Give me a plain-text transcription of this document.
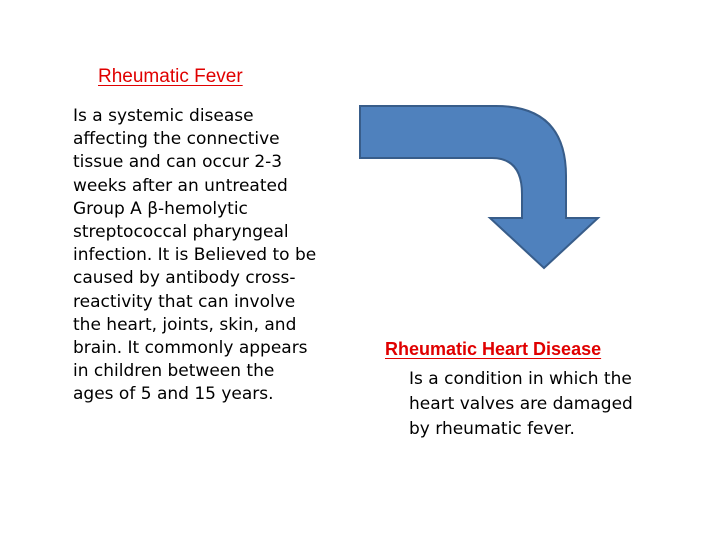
Rheumatic Fever
Is a systemic disease
affecting the connective
tissue and can occur 2-3
weeks after an untreated
Group A β-hemolytic
streptococcal pharyngeal
infection. It is Believed to be
caused by antibody cross-
reactivity that can involve
the heart, joints, skin, and
brain. It commonly appears
in children between the
ages of 5 and 15 years.
Rheumatic Heart Disease
Is a condition in which the
heart valves are damaged
by rheumatic fever.
